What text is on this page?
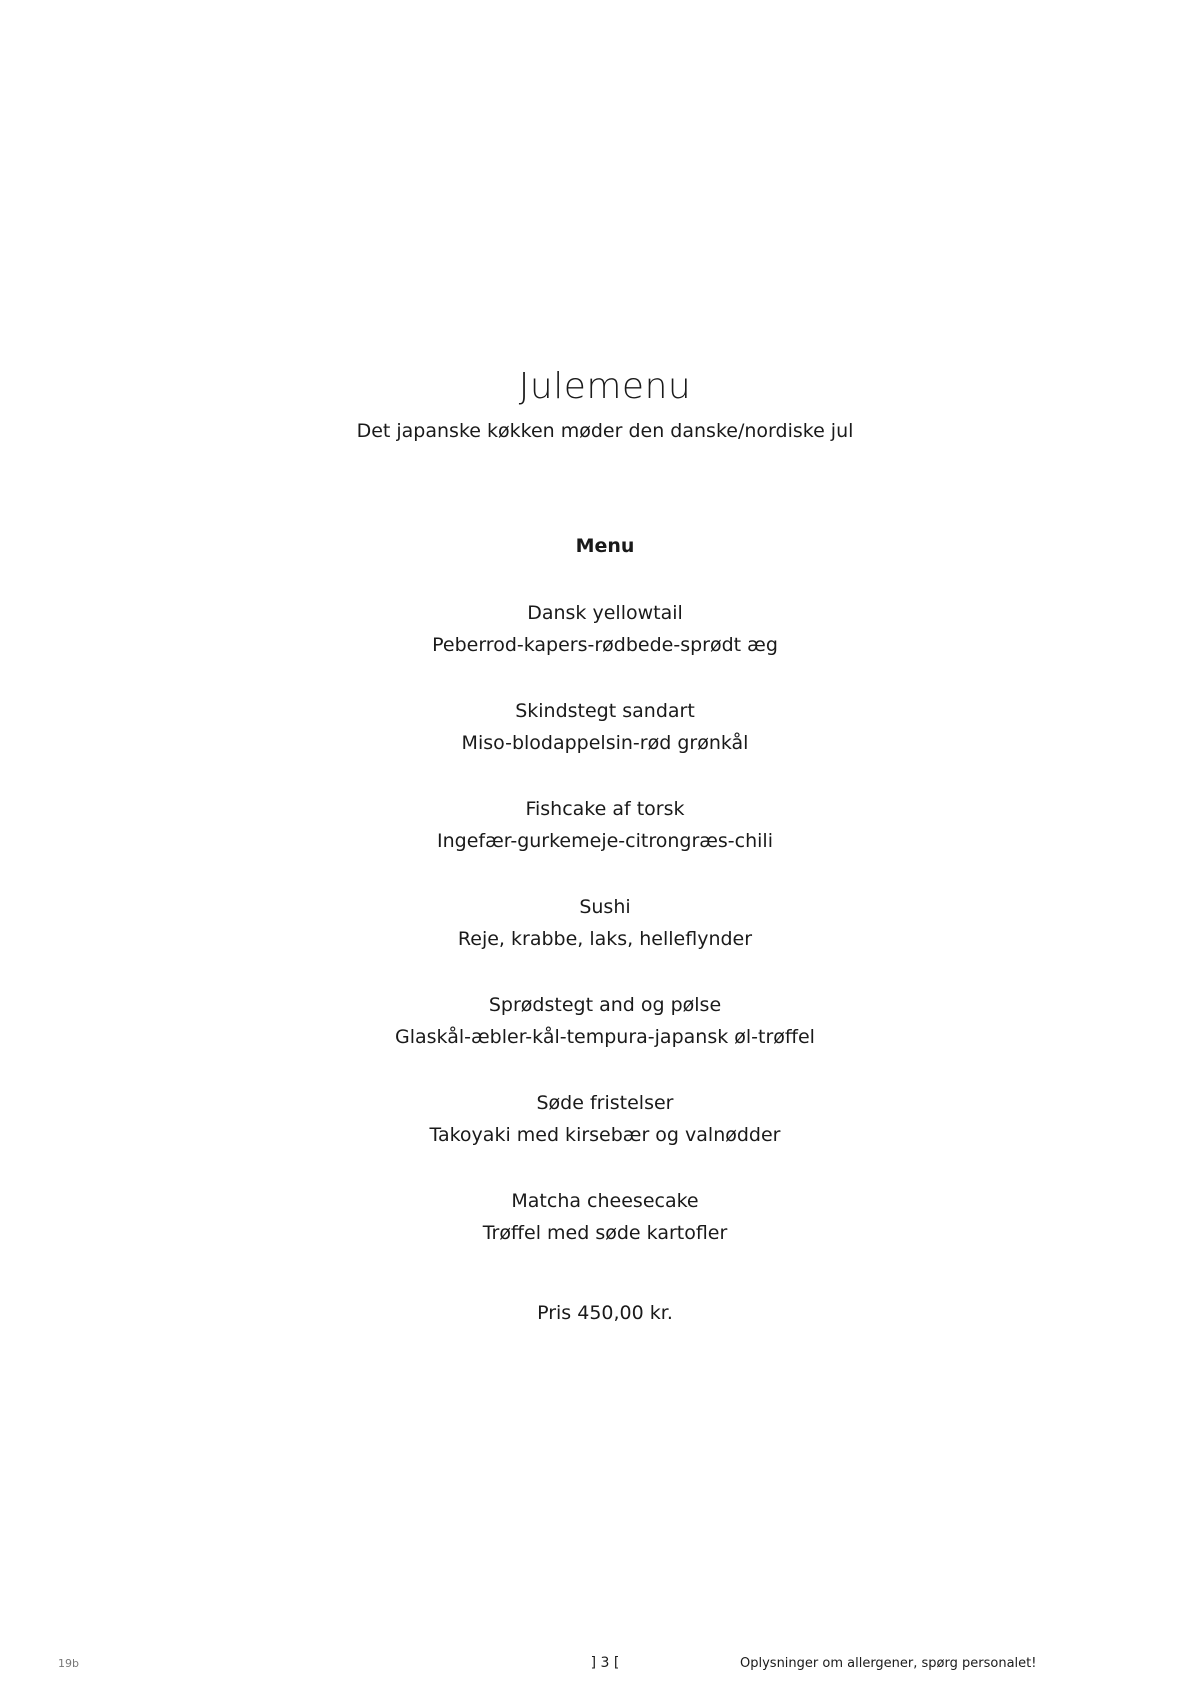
Julemenu
Det japanske køkken møder den danske/nordiske jul
Menu
Dansk yellowtail
Peberrod-kapers-rødbede-sprødt æg
Skindstegt sandart
Miso-blodappelsin-rød grønkål
Fishcake af torsk
Ingefær-gurkemeje-citrongræs-chili
Sushi
Reje, krabbe, laks, helleflynder
Sprødstegt and og pølse
Glaskål-æbler-kål-tempura-japansk øl-trøffel
Søde fristelser
Takoyaki med kirsebær og valnødder
Matcha cheesecake
Trøffel med søde kartofler
Pris 450,00 kr.
19b	] 3 [	Oplysninger om allergener, spørg personalet!
